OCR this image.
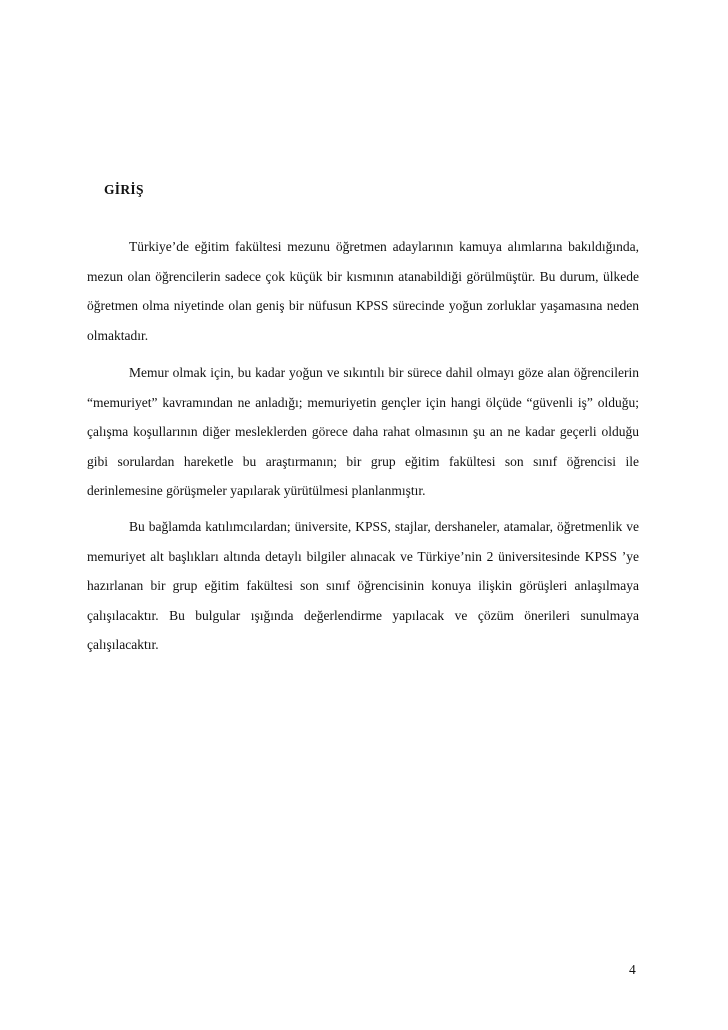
GİRİŞ

Türkiye’de eğitim fakültesi mezunu öğretmen adaylarının kamuya alımlarına bakıldığında, mezun olan öğrencilerin sadece çok küçük bir kısmının atanabildiği görülmüştür. Bu durum, ülkede öğretmen olma niyetinde olan geniş bir nüfusun KPSS sürecinde yoğun zorluklar yaşamasına neden olmaktadır.

Memur olmak için, bu kadar yoğun ve sıkıntılı bir sürece dahil olmayı göze alan öğrencilerin “memuriyet” kavramından ne anladığı; memuriyetin gençler için hangi ölçüde “güvenli iş” olduğu; çalışma koşullarının diğer mesleklerden görece daha rahat olmasının şu an ne kadar geçerli olduğu gibi sorulardan hareketle bu araştırmanın; bir grup eğitim fakültesi son sınıf öğrencisi ile derinlemesine görüşmeler yapılarak yürütülmesi planlanmıştır.

Bu bağlamda katılımcılardan; üniversite, KPSS, stajlar, dershaneler, atamalar, öğretmenlik ve memuriyet alt başlıkları altında detaylı bilgiler alınacak ve Türkiye’nin 2 üniversitesinde KPSS ’ye hazırlanan bir grup eğitim fakültesi son sınıf öğrencisinin konuya ilişkin görüşleri anlaşılmaya çalışılacaktır. Bu bulgular ışığında değerlendirme yapılacak ve çözüm önerileri sunulmaya çalışılacaktır.

4
